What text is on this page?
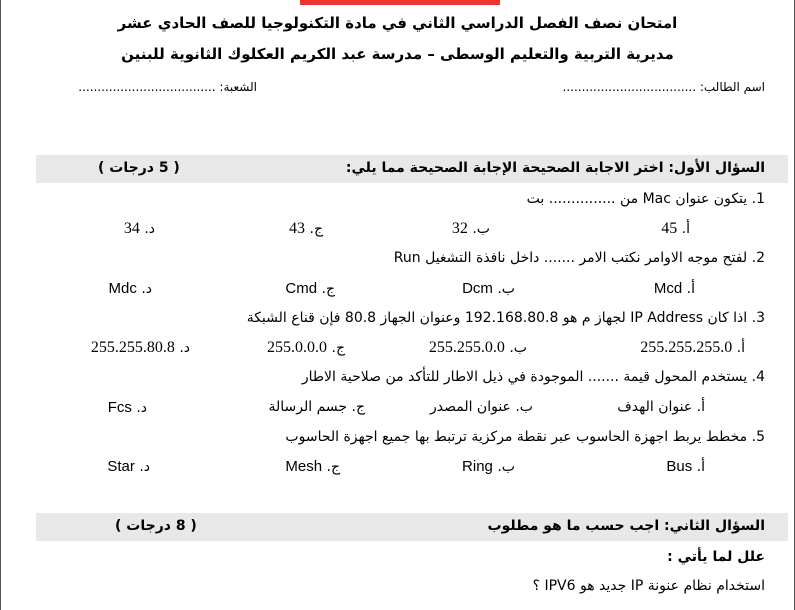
امتحان نصف الفصل الدراسي الثاني في مادة التكنولوجيا للصف الحادي عشر
مديرية التربية والتعليم الوسطى – مدرسة عبد الكريم العكلوك الثانوية للبنين
اسم الطالب: ...................................
الشعبة: ....................................
السؤال الأول: اختر الاجابة الصحيحة الإجابة الصحيحة مما يلي:
( 5 درجات )
1. يتكون عنوان Mac من ............... بت
أ. 45
ب. 32
ج. 43
د. 34
2. لفتح موجه الاوامر نكتب الامر ....... داخل نافذة التشغيل Run
أ. Mcd
ب. Dcm
ج. Cmd
د. Mdc
3. اذا كان IP Address لجهاز م هو 192.168.80.8 وعنوان الجهاز 80.8 فإن قناع الشبكة
أ. 255.255.255.0
ب. 255.255.0.0
ج. 255.0.0.0
د. 255.255.80.8
4. يستخدم المحول قيمة ....... الموجودة في ذيل الاطار للتأكد من صلاحية الاطار
أ. عنوان الهدف
ب. عنوان المصدر
ج. جسم الرسالة
د. Fcs
5. مخطط يربط اجهزة الحاسوب عبر نقطة مركزية ترتبط بها جميع اجهزة الحاسوب
أ. Bus
ب. Ring
ج. Mesh
د. Star
السؤال الثاني: اجب حسب ما هو مطلوب
( 8 درجات )
علل لما يأتي :
استخدام نظام عنونة IP جديد هو IPV6 ؟
